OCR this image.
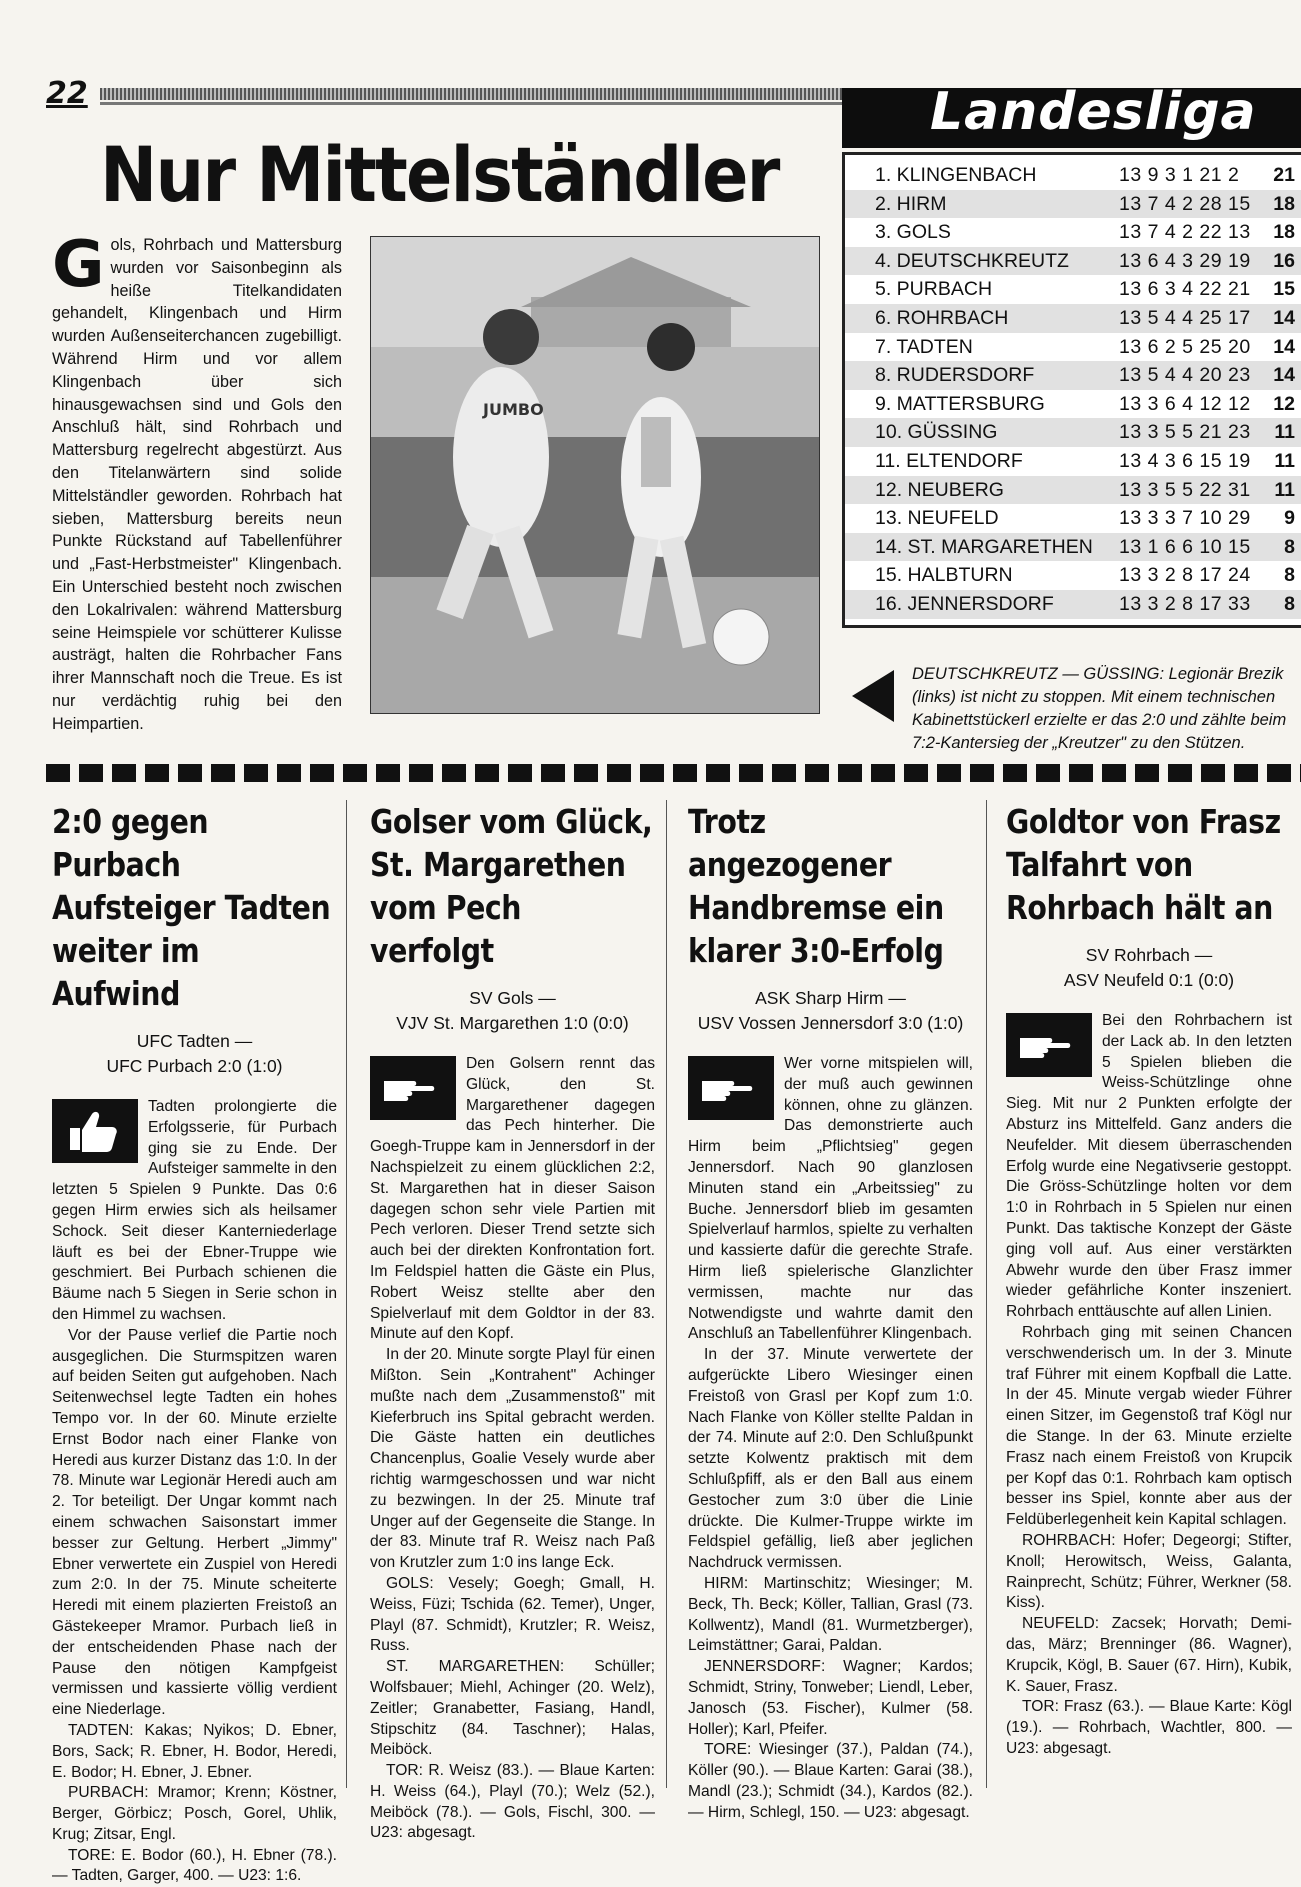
22
Nur Mittelständler
Gols, Rohrbach und Mattersburg wurden vor Saisonbeginn als heiße Titelkandidaten gehandelt, Klingenbach und Hirm wurden Außenseiterchancen zugebilligt. Während Hirm und vor allem Klingenbach über sich hinausgewachsen sind und Gols den Anschluß hält, sind Rohrbach und Mattersburg regelrecht abgestürzt. Aus den Titelanwärtern sind solide Mittelständler geworden. Rohrbach hat sieben, Mattersburg bereits neun Punkte Rückstand auf Tabellenführer und „Fast-Herbstmeister" Klingenbach. Ein Unterschied besteht noch zwischen den Lokalrivalen: während Mattersburg seine Heimspiele vor schütterer Kulisse austrägt, halten die Rohrbacher Fans ihrer Mannschaft noch die Treue. Es ist nur verdächtig ruhig bei den Heimpartien.
JUMBO
Landesliga
1. KLINGENBACH	13 9 3 1 21 2 21
2. HIRM	13 7 4 2 28 15 18
3. GOLS	13 7 4 2 22 13 18
4. DEUTSCHKREUTZ	13 6 4 3 29 19 16
5. PURBACH	13 6 3 4 22 21 15
6. ROHRBACH	13 5 4 4 25 17 14
7. TADTEN	13 6 2 5 25 20 14
8. RUDERSDORF	13 5 4 4 20 23 14
9. MATTERSBURG	13 3 6 4 12 12 12
10. GÜSSING	13 3 5 5 21 23 11
11. ELTENDORF	13 4 3 6 15 19 11
12. NEUBERG	13 3 5 5 22 31 11
13. NEUFELD	13 3 3 7 10 29 9
14. ST. MARGARETHEN 13 1 6 6 10 15 8
15. HALBTURN	13 3 2 8 17 24 8
16. JENNERSDORF	13 3 2 8 17 33 8
DEUTSCHKREUTZ — GÜSSING: Legionär Brezik (links) ist nicht zu stoppen. Mit einem technischen Kabinettstückerl erzielte er das 2:0 und zählte beim 7:2-Kantersieg der „Kreutzer" zu den Stützen.
2:0 gegen Purbach Aufsteiger Tadten weiter im Aufwind
UFC Tadten —
UFC Purbach 2:0 (1:0)

Tadten prolongierte die Erfolgsserie, für Purbach ging sie zu Ende. Der Aufsteiger sammelte in den letzten 5 Spielen 9 Punkte. Das 0:6 gegen Hirm erwies sich als heilsamer Schock. Seit dieser Kanterniederlage läuft es bei der Ebner-Truppe wie geschmiert. Bei Purbach schienen die Bäume nach 5 Siegen in Serie schon in den Himmel zu wachsen.

Vor der Pause verlief die Partie noch ausgeglichen. Die Sturmspitzen waren auf beiden Seiten gut aufgehoben. Nach Seitenwechsel legte Tadten ein hohes Tempo vor. In der 60. Minute erzielte Ernst Bodor nach einer Flanke von Heredi aus kurzer Distanz das 1:0. In der 78. Minute war Legionär Heredi auch am 2. Tor beteiligt. Der Ungar kommt nach einem schwachen Saisonstart immer besser zur Geltung. Herbert „Jimmy" Ebner verwertete ein Zuspiel von Heredi zum 2:0. In der 75. Minute scheiterte Heredi mit einem plazierten Freistoß an Gästekeeper Mramor. Purbach ließ in der entscheidenden Phase nach der Pause den nötigen Kampfgeist vermissen und kassierte völlig verdient eine Niederlage.

TADTEN: Kakas; Nyikos; D. Ebner, Bors, Sack; R. Ebner, H. Bodor, Heredi, E. Bodor; H. Ebner, J. Ebner.

PURBACH: Mramor; Krenn; Köstner, Berger, Görbicz; Posch, Gorel, Uhlik, Krug; Zitsar, Engl.

TORE: E. Bodor (60.), H. Ebner (78.). — Tadten, Garger, 400. — U23: 1:6.

Golser vom Glück, St. Margarethen vom Pech verfolgt
SV Gols —
VJV St. Margarethen 1:0 (0:0)

Den Golsern rennt das Glück, den St. Margarethener dagegen das Pech hinterher. Die Goegh-Truppe kam in Jennersdorf in der Nachspielzeit zu einem glücklichen 2:2, St. Margarethen hat in dieser Saison dagegen schon sehr viele Partien mit Pech verloren. Dieser Trend setzte sich auch bei der direkten Konfrontation fort. Im Feldspiel hatten die Gäste ein Plus, Robert Weisz stellte aber den Spielverlauf mit dem Goldtor in der 83. Minute auf den Kopf.

In der 20. Minute sorgte Playl für einen Mißton. Sein „Kontrahent" Achinger mußte nach dem „Zusammenstoß" mit Kieferbruch ins Spital gebracht werden. Die Gäste hatten ein deutliches Chancenplus, Goalie Vesely wurde aber richtig warmgeschossen und war nicht zu bezwingen. In der 25. Minute traf Unger auf der Gegenseite die Stange. In der 83. Minute traf R. Weisz nach Paß von Krutzler zum 1:0 ins lange Eck.

GOLS: Vesely; Goegh; Gmall, H. Weiss, Füzi; Tschida (62. Temer), Unger, Playl (87. Schmidt), Krutzler; R. Weisz, Russ.

ST. MARGARETHEN: Schüller; Wolfsbauer; Miehl, Achinger (20. Welz), Zeitler; Granabetter, Fasiang, Handl, Stipschitz (84. Taschner); Halas, Meiböck.

TOR: R. Weisz (83.). — Blaue Karten: H. Weiss (64.), Playl (70.); Welz (52.), Meiböck (78.). — Gols, Fischl, 300. — U23: abgesagt.

Trotz angezogener Handbremse ein klarer 3:0-Erfolg
ASK Sharp Hirm —
USV Vossen Jennersdorf 3:0 (1:0)

Wer vorne mitspielen will, der muß auch gewinnen können, ohne zu glänzen. Das demonstrierte auch Hirm beim „Pflichtsieg" gegen Jennersdorf. Nach 90 glanzlosen Minuten stand ein „Arbeitssieg" zu Buche. Jennersdorf blieb im gesamten Spielverlauf harmlos, spielte zu verhalten und kassierte dafür die gerechte Strafe. Hirm ließ spielerische Glanzlichter vermissen, machte nur das Notwendigste und wahrte damit den Anschluß an Tabellenführer Klingenbach.

In der 37. Minute verwertete der aufgerückte Libero Wiesinger einen Freistoß von Grasl per Kopf zum 1:0. Nach Flanke von Köller stellte Paldan in der 74. Minute auf 2:0. Den Schlußpunkt setzte Kolwentz praktisch mit dem Schlußpfiff, als er den Ball aus einem Gestocher zum 3:0 über die Linie drückte. Die Kulmer-Truppe wirkte im Feldspiel gefällig, ließ aber jeglichen Nachdruck vermissen.

HIRM: Martinschitz; Wiesinger; M. Beck, Th. Beck; Köller, Tallian, Grasl (73. Kollwentz), Mandl (81. Wurmetzberger), Leimstättner; Garai, Paldan.

JENNERSDORF: Wagner; Kardos; Schmidt, Striny, Tonweber; Liendl, Leber, Janosch (53. Fischer), Kulmer (58. Holler); Karl, Pfeifer.

TORE: Wiesinger (37.), Paldan (74.), Köller (90.). — Blaue Karten: Garai (38.), Mandl (23.); Schmidt (34.), Kardos (82.). — Hirm, Schlegl, 150. — U23: abgesagt.

Goldtor von Frasz Talfahrt von Rohrbach hält an
SV Rohrbach —
ASV Neufeld 0:1 (0:0)

Bei den Rohrbachern ist der Lack ab. In den letzten 5 Spielen blieben die Weiss-Schützlinge ohne Sieg. Mit nur 2 Punkten erfolgte der Absturz ins Mittelfeld. Ganz anders die Neufelder. Mit diesem überraschenden Erfolg wurde eine Negativserie gestoppt. Die Gröss-Schützlinge holten vor dem 1:0 in Rohrbach in 5 Spielen nur einen Punkt. Das taktische Konzept der Gäste ging voll auf. Aus einer verstärkten Abwehr wurde den über Frasz immer wieder gefährliche Konter inszeniert. Rohrbach enttäuschte auf allen Linien.

Rohrbach ging mit seinen Chancen verschwenderisch um. In der 3. Minute traf Führer mit einem Kopfball die Latte. In der 45. Minute vergab wieder Führer einen Sitzer, im Gegenstoß traf Kögl nur die Stange. In der 63. Minute erzielte Frasz nach einem Freistoß von Krupcik per Kopf das 0:1. Rohrbach kam optisch besser ins Spiel, konnte aber aus der Feldüberlegenheit kein Kapital schlagen.

ROHRBACH: Hofer; Degeorgi; Stifter, Knoll; Herowitsch, Weiss, Galanta, Rainprecht, Schütz; Führer, Werkner (58. Kiss).

NEUFELD: Zacsek; Horvath; Demi-das, März; Brenninger (86. Wagner), Krupcik, Kögl, B. Sauer (67. Hirn), Kubik, K. Sauer, Frasz.

TOR: Frasz (63.). — Blaue Karte: Kögl (19.). — Rohrbach, Wachtler, 800. — U23: abgesagt.
